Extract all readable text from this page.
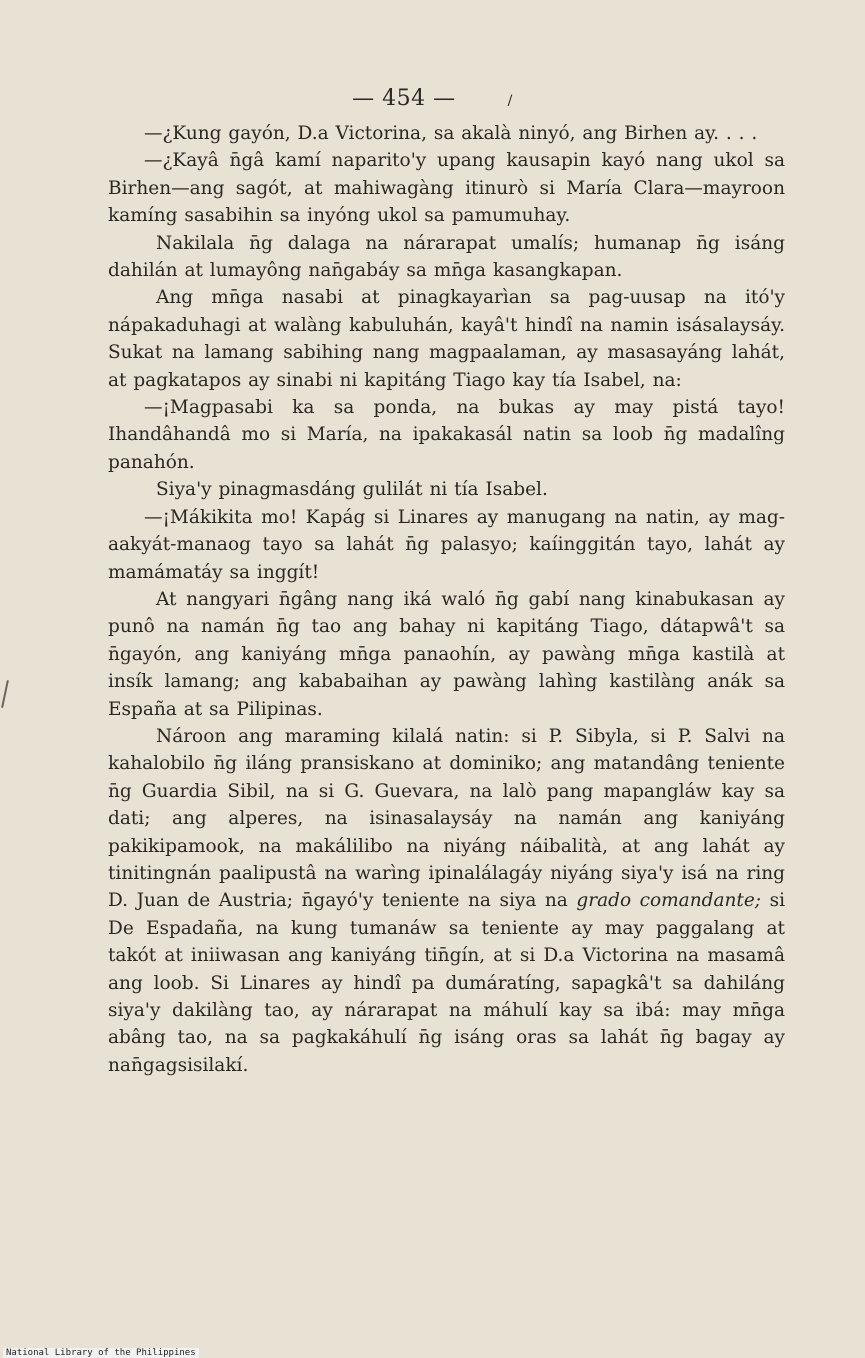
— 454 —	/

—¿Kung gayón, D.a Victorina, sa akalà ninyó, ang Birhen ay. . . .

—¿Kayâ n̄gâ kamí naparito'y upang kausapin kayó nang ukol sa Birhen—ang sagót, at mahiwagàng itinurò si María Clara—mayroon kamíng sasabihin sa inyóng ukol sa pamumuhay.

Nakilala n̄g dalaga na nárarapat umalís; humanap n̄g isáng dahilán at lumayông nan̄gabáy sa mn̄ga kasangkapan.

Ang mn̄ga nasabi at pinagkayarìan sa pag-uusap na itó'y nápakaduhagi at walàng kabuluhán, kayâ't hindî na namin isásalaysáy. Sukat na lamang sabihing nang magpaalaman, ay masasayáng lahát, at pagkatapos ay sinabi ni kapitáng Tiago kay tía Isabel, na:

—¡Magpasabi ka sa ponda, na bukas ay may pistá tayo! Ihandâhandâ mo si María, na ipakakasál natin sa loob n̄g madalîng panahón.

Siya'y pinagmasdáng gulilát ni tía Isabel.

—¡Mákikita mo! Kapág si Linares ay manugang na natin, ay mag-aakyát-manaog tayo sa lahát n̄g palasyo; kaíinggitán tayo, lahát ay mamámatáy sa inggít!

At nangyari n̄gâng nang iká waló n̄g gabí nang kinabukasan ay punô na namán n̄g tao ang bahay ni kapitáng Tiago, dátapwâ't sa n̄gayón, ang kaniyáng mn̄ga panaohín, ay pawàng mn̄ga kastilà at insík lamang; ang kababaihan ay pawàng lahìng kastilàng anák sa España at sa Pilipinas.

Nároon ang maraming kilalá natin: si P. Sibyla, si P. Salvi na kahalobilo n̄g iláng pransiskano at dominiko; ang matandâng teniente n̄g Guardia Sibil, na si G. Guevara, na lalò pang mapangláw kay sa dati; ang alperes, na isinasalaysáy na namán ang kaniyáng pakikipamook, na makálilibo na niyáng náibalità, at ang lahát ay tinitingnán paalipustâ na warìng ipinalálagáy niyáng siya'y isá na ring D. Juan de Austria; n̄gayó'y teniente na siya na grado comandante; si De Espadaña, na kung tumanáw sa teniente ay may paggalang at takót at iniiwasan ang kaniyáng tin̄gín, at si D.a Victorina na masamâ ang loob. Si Linares ay hindî pa dumáratíng, sapagkâ't sa dahiláng siya'y dakilàng tao, ay nárarapat na máhulí kay sa ibá: may mn̄ga abâng tao, na sa pagkakáhulí n̄g isáng oras sa lahát n̄g bagay ay nan̄gagsisilakí.

National Library of the Philippines
